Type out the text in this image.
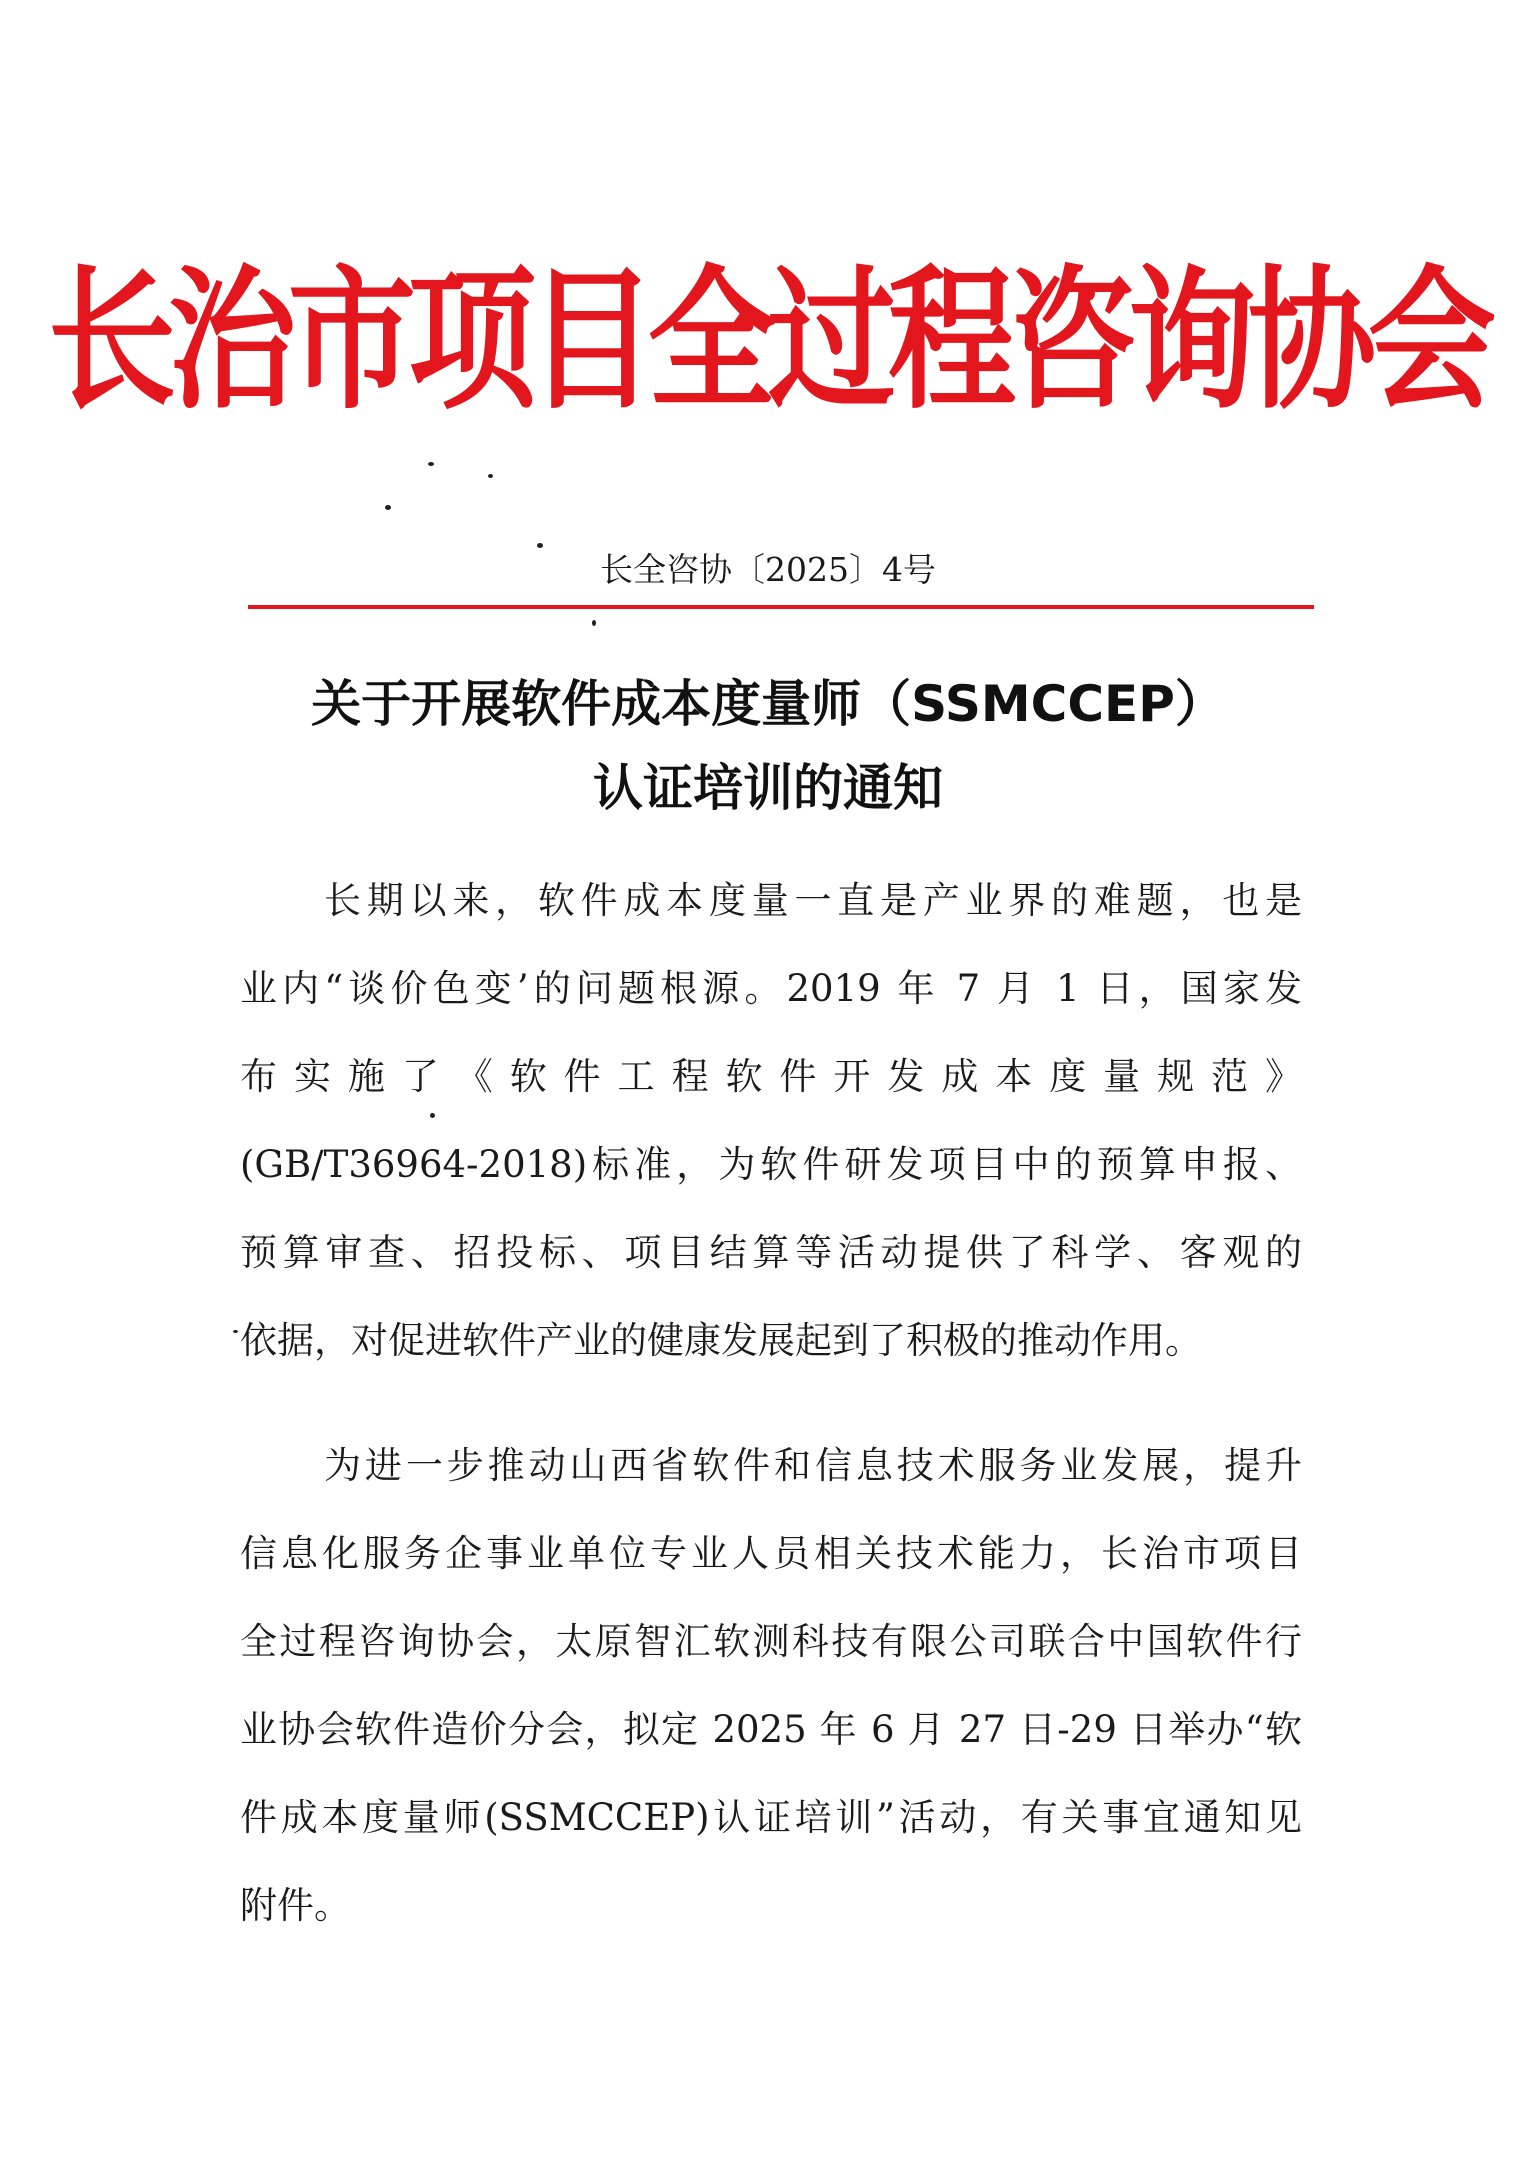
长治市项目全过程咨询协会
长全咨协〔2025〕4号
关于开展软件成本度量师（SSMCCEP）
认证培训的通知
长期以来，软件成本度量一直是产业界的难题，也是
业内“谈价色变’的问题根源。2019 年 7 月 1 日，国家发
布实施了《软件工程软件开发成本度量规范》
(GB/T36964-2018)标准，为软件研发项目中的预算申报、
预算审查、招投标、项目结算等活动提供了科学、客观的
依据，对促进软件产业的健康发展起到了积极的推动作用。
为进一步推动山西省软件和信息技术服务业发展，提升
信息化服务企事业单位专业人员相关技术能力，长治市项目
全过程咨询协会，太原智汇软测科技有限公司联合中国软件行
业协会软件造价分会，拟定 2025 年 6 月 27 日-29 日举办“软
件成本度量师(SSMCCEP)认证培训”活动，有关事宜通知见
附件。
